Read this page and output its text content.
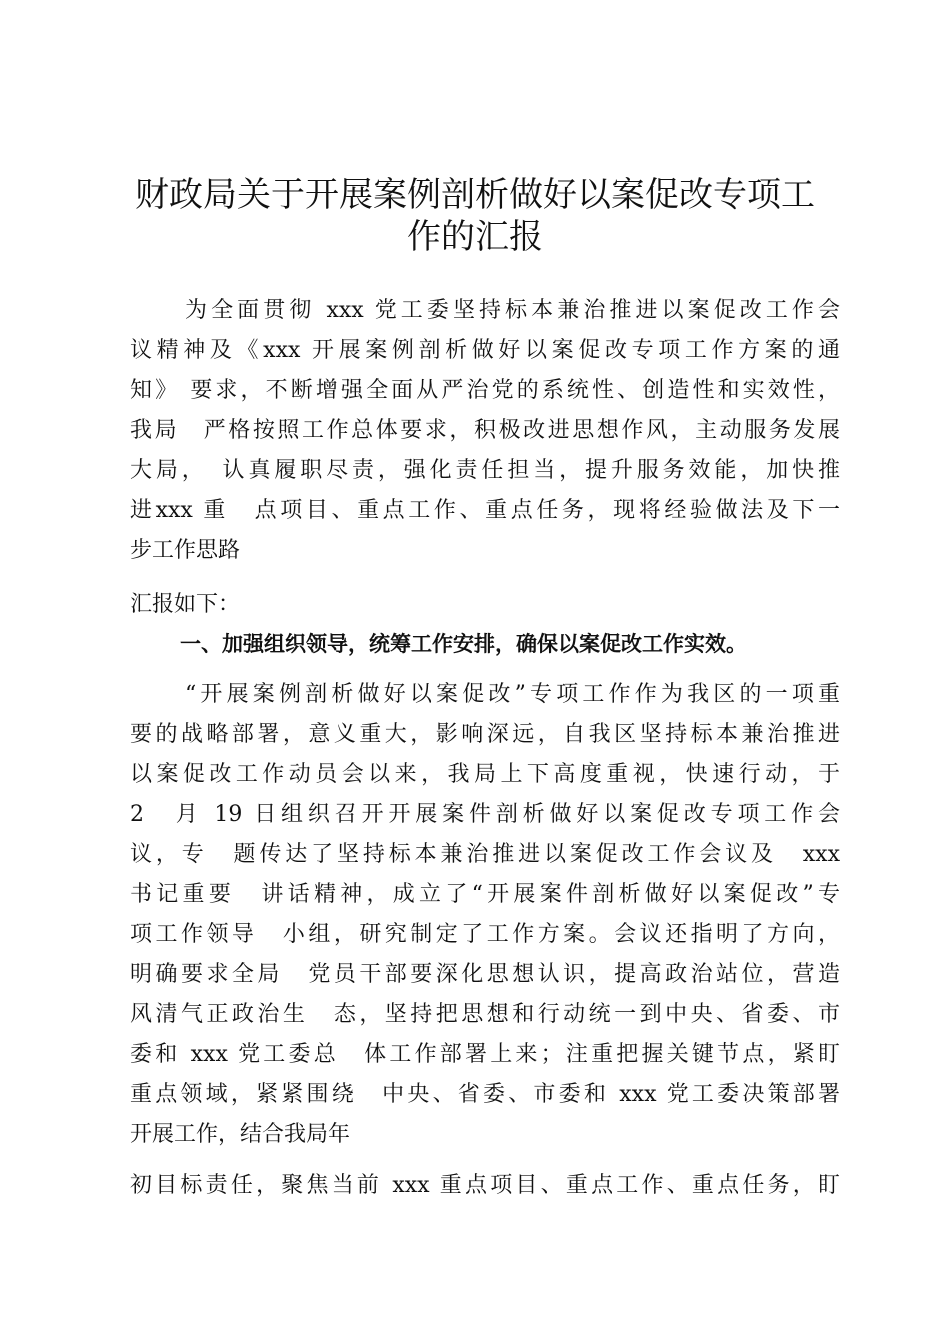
财政局关于开展案例剖析做好以案促改专项工
作的汇报

为全面贯彻 xxx 党工委坚持标本兼治推进以案促改工作会

议精神及《xxx 开展案例剖析做好以案促改专项工作方案的通

知》 要求，不断增强全面从严治党的系统性、创造性和实效性，

我局　严格按照工作总体要求，积极改进思想作风，主动服务发展

大局，　认真履职尽责，强化责任担当，提升服务效能，加快推

进xxx 重　点项目、重点工作、重点任务，现将经验做法及下一

步工作思路

汇报如下：

一、加强组织领导，统筹工作安排，确保以案促改工作实效。

“开展案例剖析做好以案促改”专项工作作为我区的一项重

要的战略部署，意义重大，影响深远，自我区坚持标本兼治推进

以案促改工作动员会以来，我局上下高度重视，快速行动，于

2　月 19 日组织召开开展案件剖析做好以案促改专项工作会

议，专　题传达了坚持标本兼治推进以案促改工作会议及　xxx

书记重要　讲话精神，成立了“开展案件剖析做好以案促改”专

项工作领导　小组，研究制定了工作方案。会议还指明了方向，

明确要求全局　党员干部要深化思想认识，提高政治站位，营造

风清气正政治生　态，坚持把思想和行动统一到中央、省委、市

委和 xxx 党工委总　体工作部署上来；注重把握关键节点，紧盯

重点领域，紧紧围绕　中央、省委、市委和 xxx 党工委决策部署

开展工作，结合我局年

初目标责任，聚焦当前 xxx 重点项目、重点工作、重点任务，盯
